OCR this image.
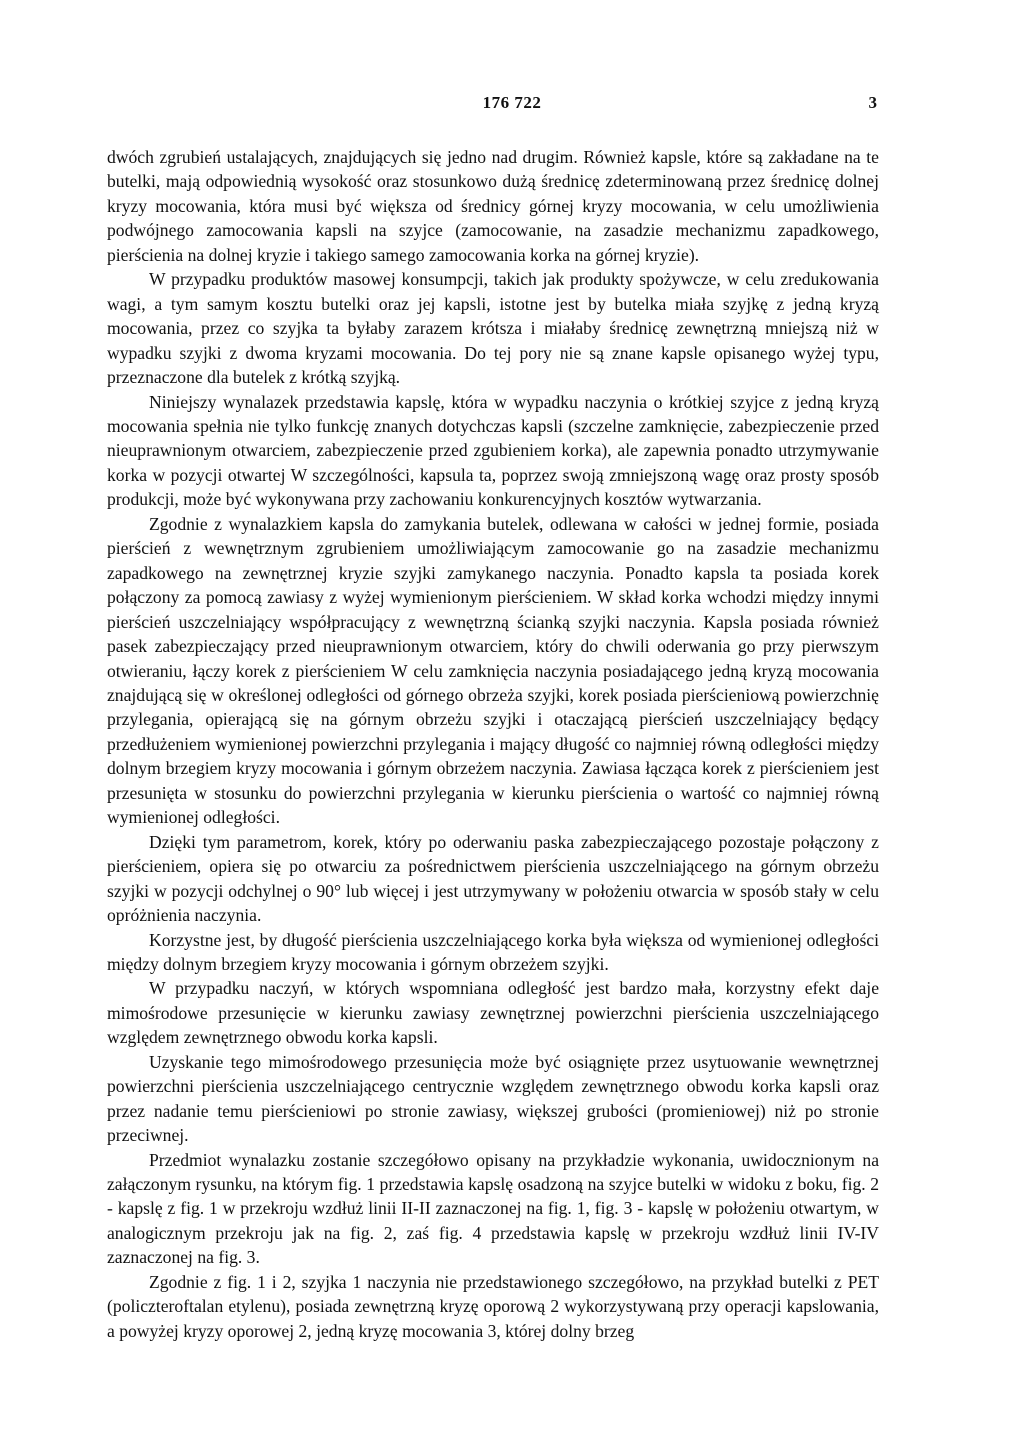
176 722	3

dwóch zgrubień ustalających, znajdujących się jedno nad drugim. Również kapsle, które są zakładane na te butelki, mają odpowiednią wysokość oraz stosunkowo dużą średnicę zdeterminowaną przez średnicę dolnej kryzy mocowania, która musi być większa od średnicy górnej kryzy mocowania, w celu umożliwienia podwójnego zamocowania kapsli na szyjce (zamocowanie, na zasadzie mechanizmu zapadkowego, pierścienia na dolnej kryzie i takiego samego zamocowania korka na górnej kryzie).

W przypadku produktów masowej konsumpcji, takich jak produkty spożywcze, w celu zredukowania wagi, a tym samym kosztu butelki oraz jej kapsli, istotne jest by butelka miała szyjkę z jedną kryzą mocowania, przez co szyjka ta byłaby zarazem krótsza i miałaby średnicę zewnętrzną mniejszą niż w wypadku szyjki z dwoma kryzami mocowania. Do tej pory nie są znane kapsle opisanego wyżej typu, przeznaczone dla butelek z krótką szyjką.

Niniejszy wynalazek przedstawia kapslę, która w wypadku naczynia o krótkiej szyjce z jedną kryzą mocowania spełnia nie tylko funkcję znanych dotychczas kapsli (szczelne zamknięcie, zabezpieczenie przed nieuprawnionym otwarciem, zabezpieczenie przed zgubieniem korka), ale zapewnia ponadto utrzymywanie korka w pozycji otwartej W szczególności, kapsula ta, poprzez swoją zmniejszoną wagę oraz prosty sposób produkcji, może być wykonywana przy zachowaniu konkurencyjnych kosztów wytwarzania.

Zgodnie z wynalazkiem kapsla do zamykania butelek, odlewana w całości w jednej formie, posiada pierścień z wewnętrznym zgrubieniem umożliwiającym zamocowanie go na zasadzie mechanizmu zapadkowego na zewnętrznej kryzie szyjki zamykanego naczynia. Ponadto kapsla ta posiada korek połączony za pomocą zawiasy z wyżej wymienionym pierścieniem. W skład korka wchodzi między innymi pierścień uszczelniający współpracujący z wewnętrzną ścianką szyjki naczynia. Kapsla posiada również pasek zabezpieczający przed nieuprawnionym otwarciem, który do chwili oderwania go przy pierwszym otwieraniu, łączy korek z pierścieniem W celu zamknięcia naczynia posiadającego jedną kryzą mocowania znajdującą się w określonej odległości od górnego obrzeża szyjki, korek posiada pierścieniową powierzchnię przylegania, opierającą się na górnym obrzeżu szyjki i otaczającą pierścień uszczelniający będący przedłużeniem wymienionej powierzchni przylegania i mający długość co najmniej równą odległości między dolnym brzegiem kryzy mocowania i górnym obrzeżem naczynia. Zawiasa łącząca korek z pierścieniem jest przesunięta w stosunku do powierzchni przylegania w kierunku pierścienia o wartość co najmniej równą wymienionej odległości.

Dzięki tym parametrom, korek, który po oderwaniu paska zabezpieczającego pozostaje połączony z pierścieniem, opiera się po otwarciu za pośrednictwem pierścienia uszczelniającego na górnym obrzeżu szyjki w pozycji odchylnej o 90° lub więcej i jest utrzymywany w położeniu otwarcia w sposób stały w celu opróżnienia naczynia.

Korzystne jest, by długość pierścienia uszczelniającego korka była większa od wymienionej odległości między dolnym brzegiem kryzy mocowania i górnym obrzeżem szyjki.

W przypadku naczyń, w których wspomniana odległość jest bardzo mała, korzystny efekt daje mimośrodowe przesunięcie w kierunku zawiasy zewnętrznej powierzchni pierścienia uszczelniającego względem zewnętrznego obwodu korka kapsli.

Uzyskanie tego mimośrodowego przesunięcia może być osiągnięte przez usytuowanie wewnętrznej powierzchni pierścienia uszczelniającego centrycznie względem zewnętrznego obwodu korka kapsli oraz przez nadanie temu pierścieniowi po stronie zawiasy, większej grubości (promieniowej) niż po stronie przeciwnej.

Przedmiot wynalazku zostanie szczegółowo opisany na przykładzie wykonania, uwidocznionym na załączonym rysunku, na którym fig. 1 przedstawia kapslę osadzoną na szyjce butelki w widoku z boku, fig. 2 - kapslę z fig. 1 w przekroju wzdłuż linii II-II zaznaczonej na fig. 1, fig. 3 - kapslę w położeniu otwartym, w analogicznym przekroju jak na fig. 2, zaś fig. 4 przedstawia kapslę w przekroju wzdłuż linii IV-IV zaznaczonej na fig. 3.

Zgodnie z fig. 1 i 2, szyjka 1 naczynia nie przedstawionego szczegółowo, na przykład butelki z PET (policzteroftalan etylenu), posiada zewnętrzną kryzę oporową 2 wykorzystywaną przy operacji kapslowania, a powyżej kryzy oporowej 2, jedną kryzę mocowania 3, której dolny brzeg
